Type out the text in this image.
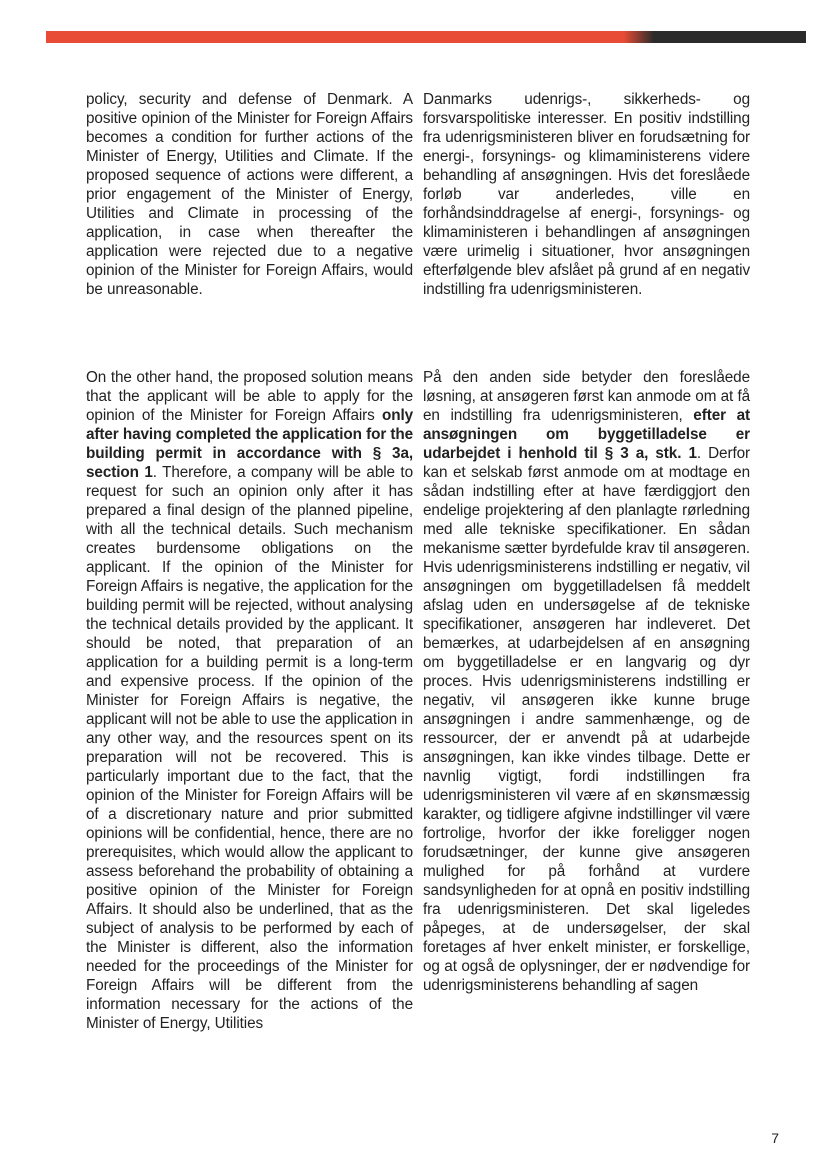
policy, security and defense of Denmark. A positive opinion of the Minister for Foreign Affairs becomes a condition for further actions of the Minister of Energy, Utilities and Climate. If the proposed sequence of actions were different, a prior engagement of the Minister of Energy, Utilities and Climate in processing of the application, in case when thereafter the application were rejected due to a negative opinion of the Minister for Foreign Affairs, would be unreasonable.

Danmarks udenrigs-, sikkerheds- og forsvarspolitiske interesser. En positiv indstilling fra udenrigsministeren bliver en forudsætning for energi-, forsynings- og klimaministerens videre behandling af ansøgningen. Hvis det foreslåede forløb var anderledes, ville en forhåndsinddragelse af energi-, forsynings- og klimaministeren i behandlingen af ansøgningen være urimelig i situationer, hvor ansøgningen efterfølgende blev afslået på grund af en negativ indstilling fra udenrigsministeren.

On the other hand, the proposed solution means that the applicant will be able to apply for the opinion of the Minister for Foreign Affairs only after having completed the application for the building permit in accordance with § 3a, section 1. Therefore, a company will be able to request for such an opinion only after it has prepared a final design of the planned pipeline, with all the technical details. Such mechanism creates burdensome obligations on the applicant. If the opinion of the Minister for Foreign Affairs is negative, the application for the building permit will be rejected, without analysing the technical details provided by the applicant. It should be noted, that preparation of an application for a building permit is a long-term and expensive process. If the opinion of the Minister for Foreign Affairs is negative, the applicant will not be able to use the application in any other way, and the resources spent on its preparation will not be recovered. This is particularly important due to the fact, that the opinion of the Minister for Foreign Affairs will be of a discretionary nature and prior submitted opinions will be confidential, hence, there are no prerequisites, which would allow the applicant to assess beforehand the probability of obtaining a positive opinion of the Minister for Foreign Affairs. It should also be underlined, that as the subject of analysis to be performed by each of the Minister is different, also the information needed for the proceedings of the Minister for Foreign Affairs will be different from the information necessary for the actions of the Minister of Energy, Utilities

På den anden side betyder den foreslåede løsning, at ansøgeren først kan anmode om at få en indstilling fra udenrigsministeren, efter at ansøgningen om byggetilladelse er udarbejdet i henhold til § 3 a, stk. 1. Derfor kan et selskab først anmode om at modtage en sådan indstilling efter at have færdiggjort den endelige projektering af den planlagte rørledning med alle tekniske specifikationer. En sådan mekanisme sætter byrdefulde krav til ansøgeren. Hvis udenrigsministerens indstilling er negativ, vil ansøgningen om byggetilladelsen få meddelt afslag uden en undersøgelse af de tekniske specifikationer, ansøgeren har indleveret. Det bemærkes, at udarbejdelsen af en ansøgning om byggetilladelse er en langvarig og dyr proces. Hvis udenrigsministerens indstilling er negativ, vil ansøgeren ikke kunne bruge ansøgningen i andre sammenhænge, og de ressourcer, der er anvendt på at udarbejde ansøgningen, kan ikke vindes tilbage. Dette er navnlig vigtigt, fordi indstillingen fra udenrigsministeren vil være af en skønsmæssig karakter, og tidligere afgivne indstillinger vil være fortrolige, hvorfor der ikke foreligger nogen forudsætninger, der kunne give ansøgeren mulighed for på forhånd at vurdere sandsynligheden for at opnå en positiv indstilling fra udenrigsministeren. Det skal ligeledes påpeges, at de undersøgelser, der skal foretages af hver enkelt minister, er forskellige, og at også de oplysninger, der er nødvendige for udenrigsministerens behandling af sagen

7
